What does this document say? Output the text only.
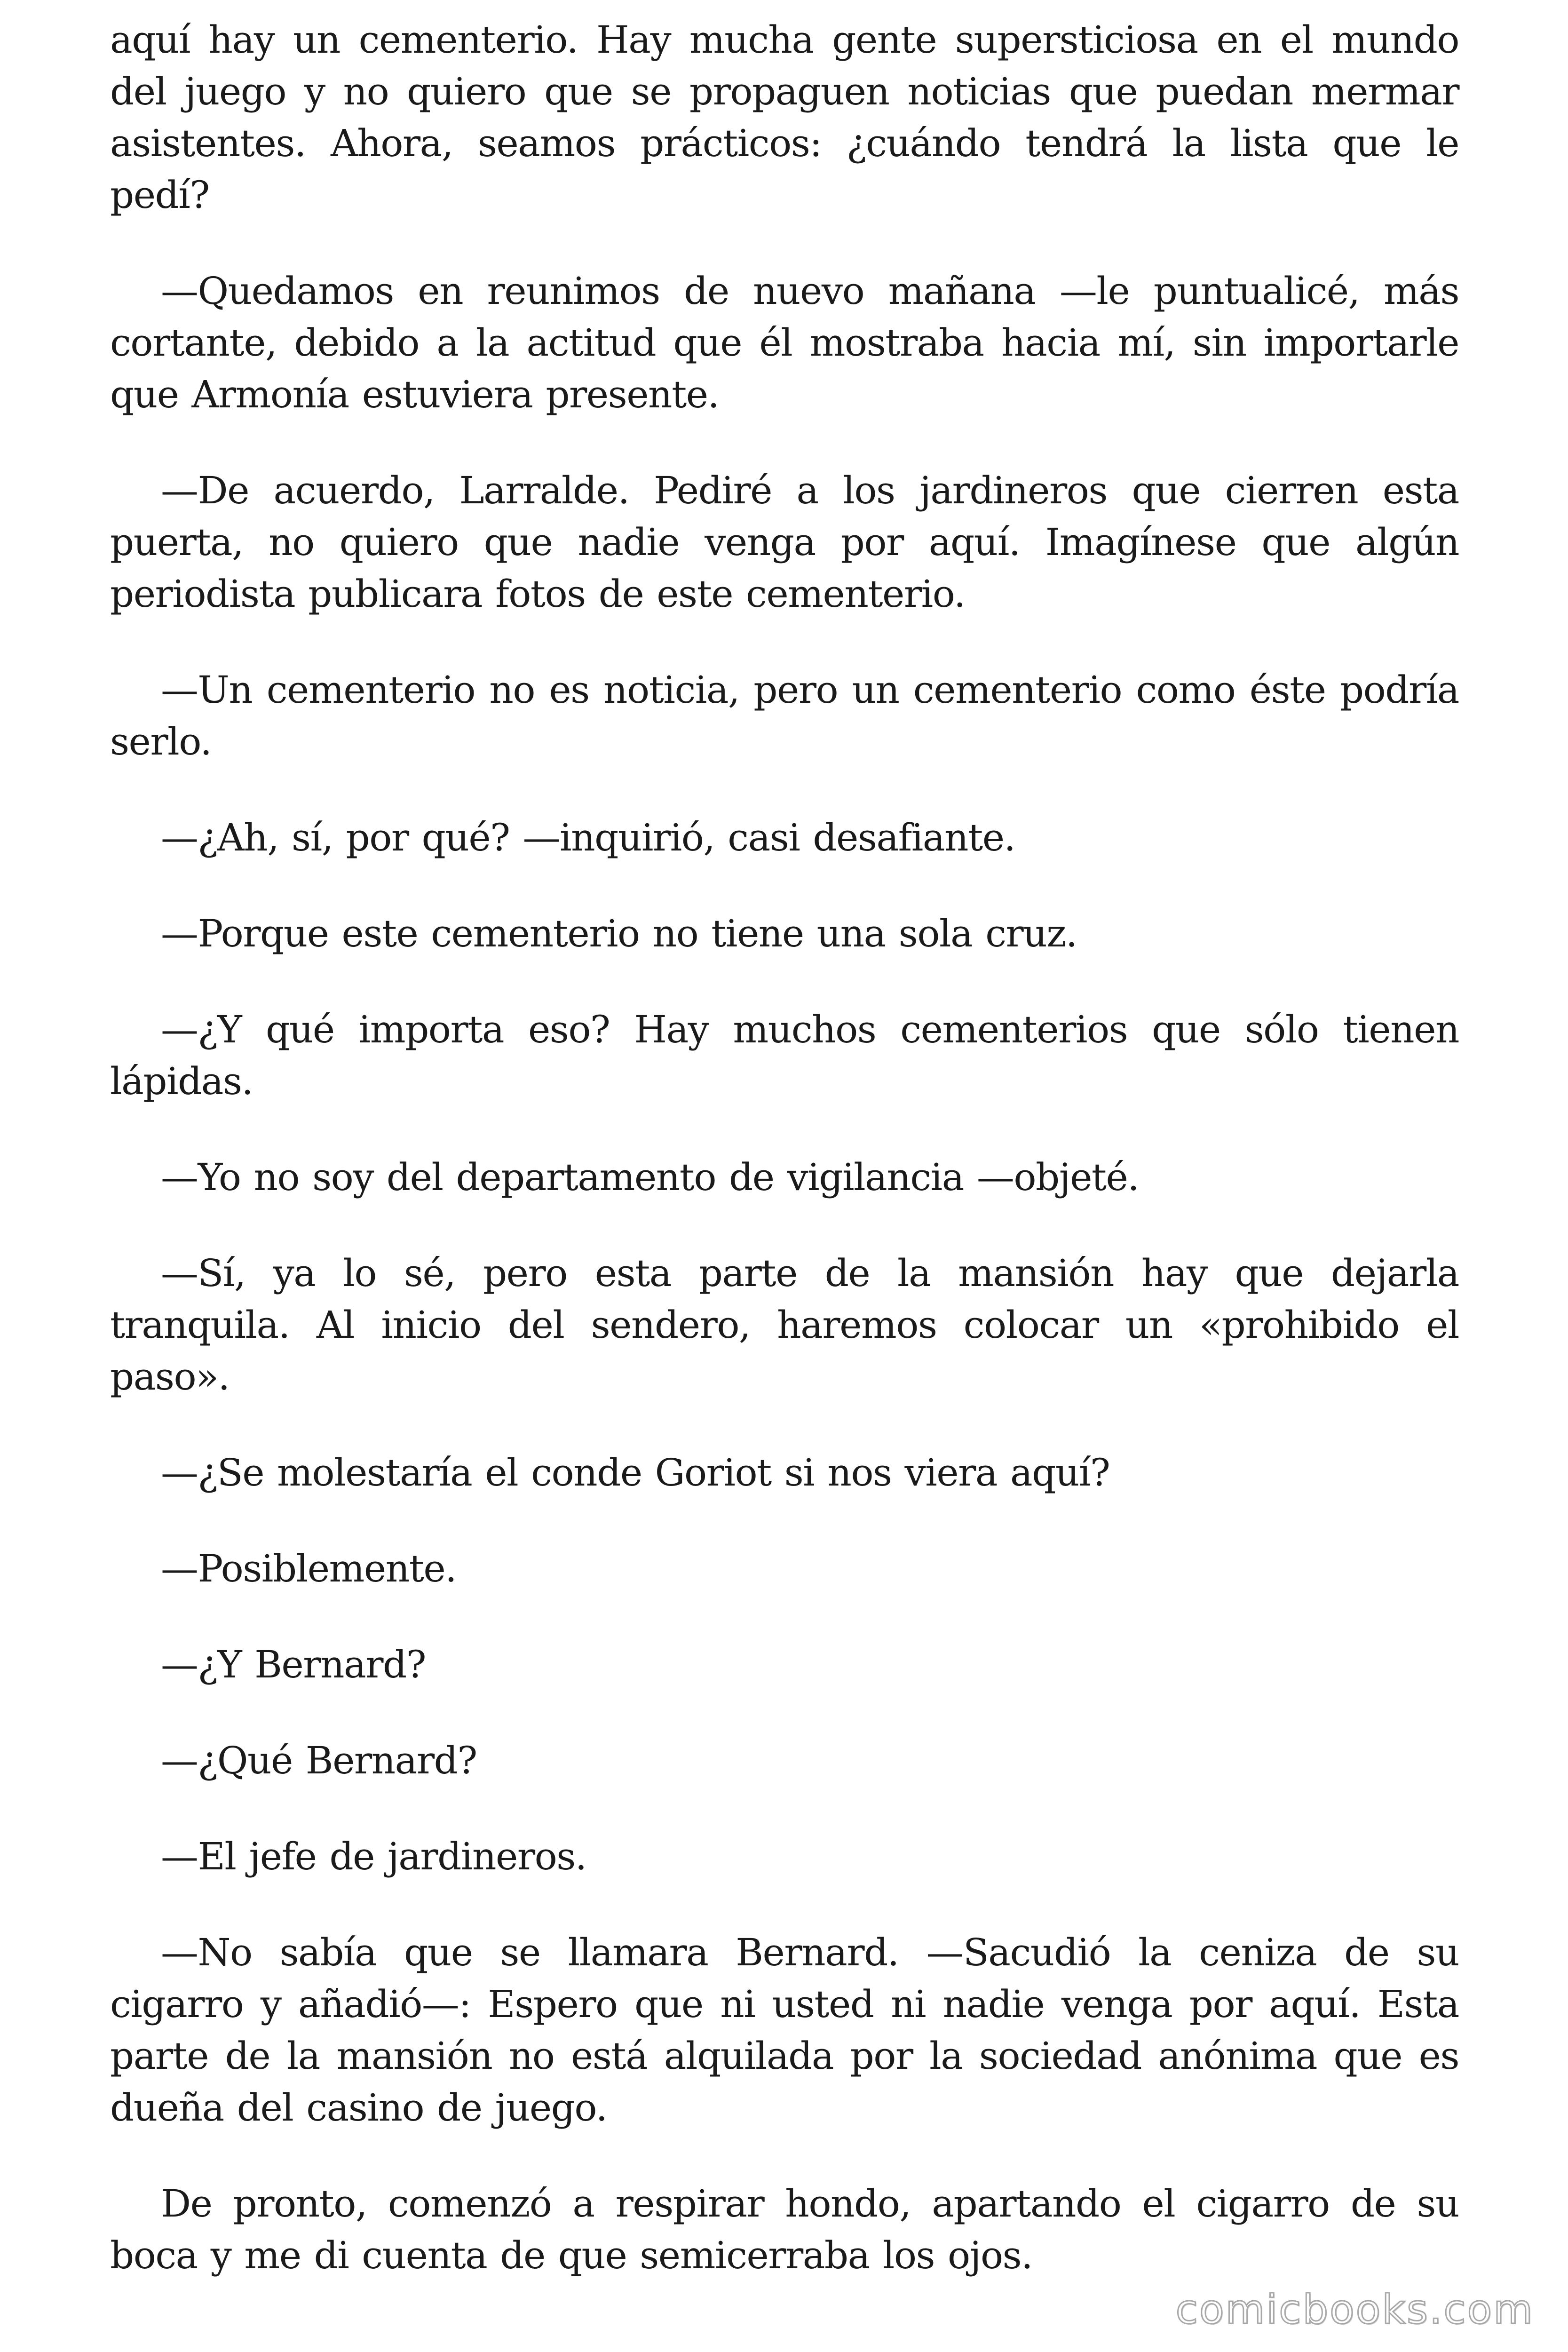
aquí hay un cementerio. Hay mucha gente supersticiosa en el mundo del juego y no quiero que se propaguen noticias que puedan mermar asistentes. Ahora, seamos prácticos: ¿cuándo tendrá la lista que le pedí?

—Quedamos en reunimos de nuevo mañana —le puntualicé, más cortante, debido a la actitud que él mostraba hacia mí, sin importarle que Armonía estuviera presente.

—De acuerdo, Larralde. Pediré a los jardineros que cierren esta puerta, no quiero que nadie venga por aquí. Imagínese que algún periodista publicara fotos de este cementerio.

—Un cementerio no es noticia, pero un cementerio como éste podría serlo.

—¿Ah, sí, por qué? —inquirió, casi desafiante.

—Porque este cementerio no tiene una sola cruz.

—¿Y qué importa eso? Hay muchos cementerios que sólo tienen lápidas.

—Yo no soy del departamento de vigilancia —objeté.

—Sí, ya lo sé, pero esta parte de la mansión hay que dejarla tranquila. Al inicio del sendero, haremos colocar un «prohibido el paso».

—¿Se molestaría el conde Goriot si nos viera aquí?

—Posiblemente.

—¿Y Bernard?

—¿Qué Bernard?

—El jefe de jardineros.

—No sabía que se llamara Bernard. —Sacudió la ceniza de su cigarro y añadió—: Espero que ni usted ni nadie venga por aquí. Esta parte de la mansión no está alquilada por la sociedad anónima que es dueña del casino de juego.

De pronto, comenzó a respirar hondo, apartando el cigarro de su boca y me di cuenta de que semicerraba los ojos.

comicbooks.com
